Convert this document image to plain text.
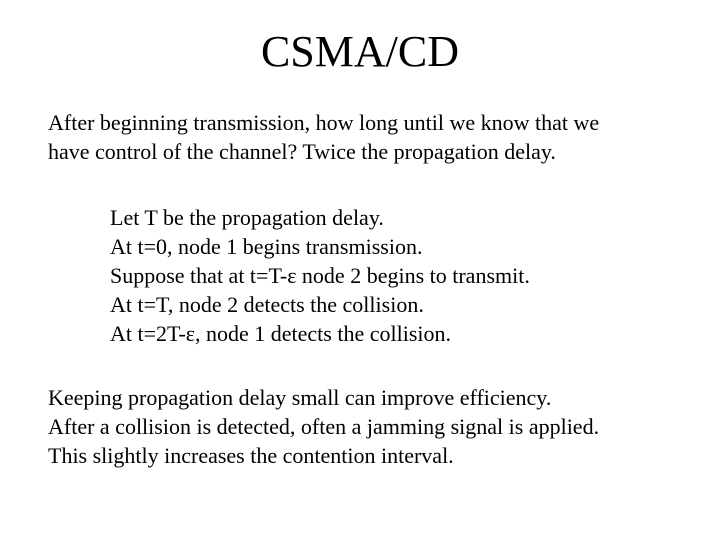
CSMA/CD

After beginning transmission, how long until we know that we
have control of the channel? Twice the propagation delay.

Let T be the propagation delay.
At t=0, node 1 begins transmission.
Suppose that at t=T-ε node 2 begins to transmit.
At t=T, node 2 detects the collision.
At t=2T-ε, node 1 detects the collision.

Keeping propagation delay small can improve efficiency.
After a collision is detected, often a jamming signal is applied.
This slightly increases the contention interval.
